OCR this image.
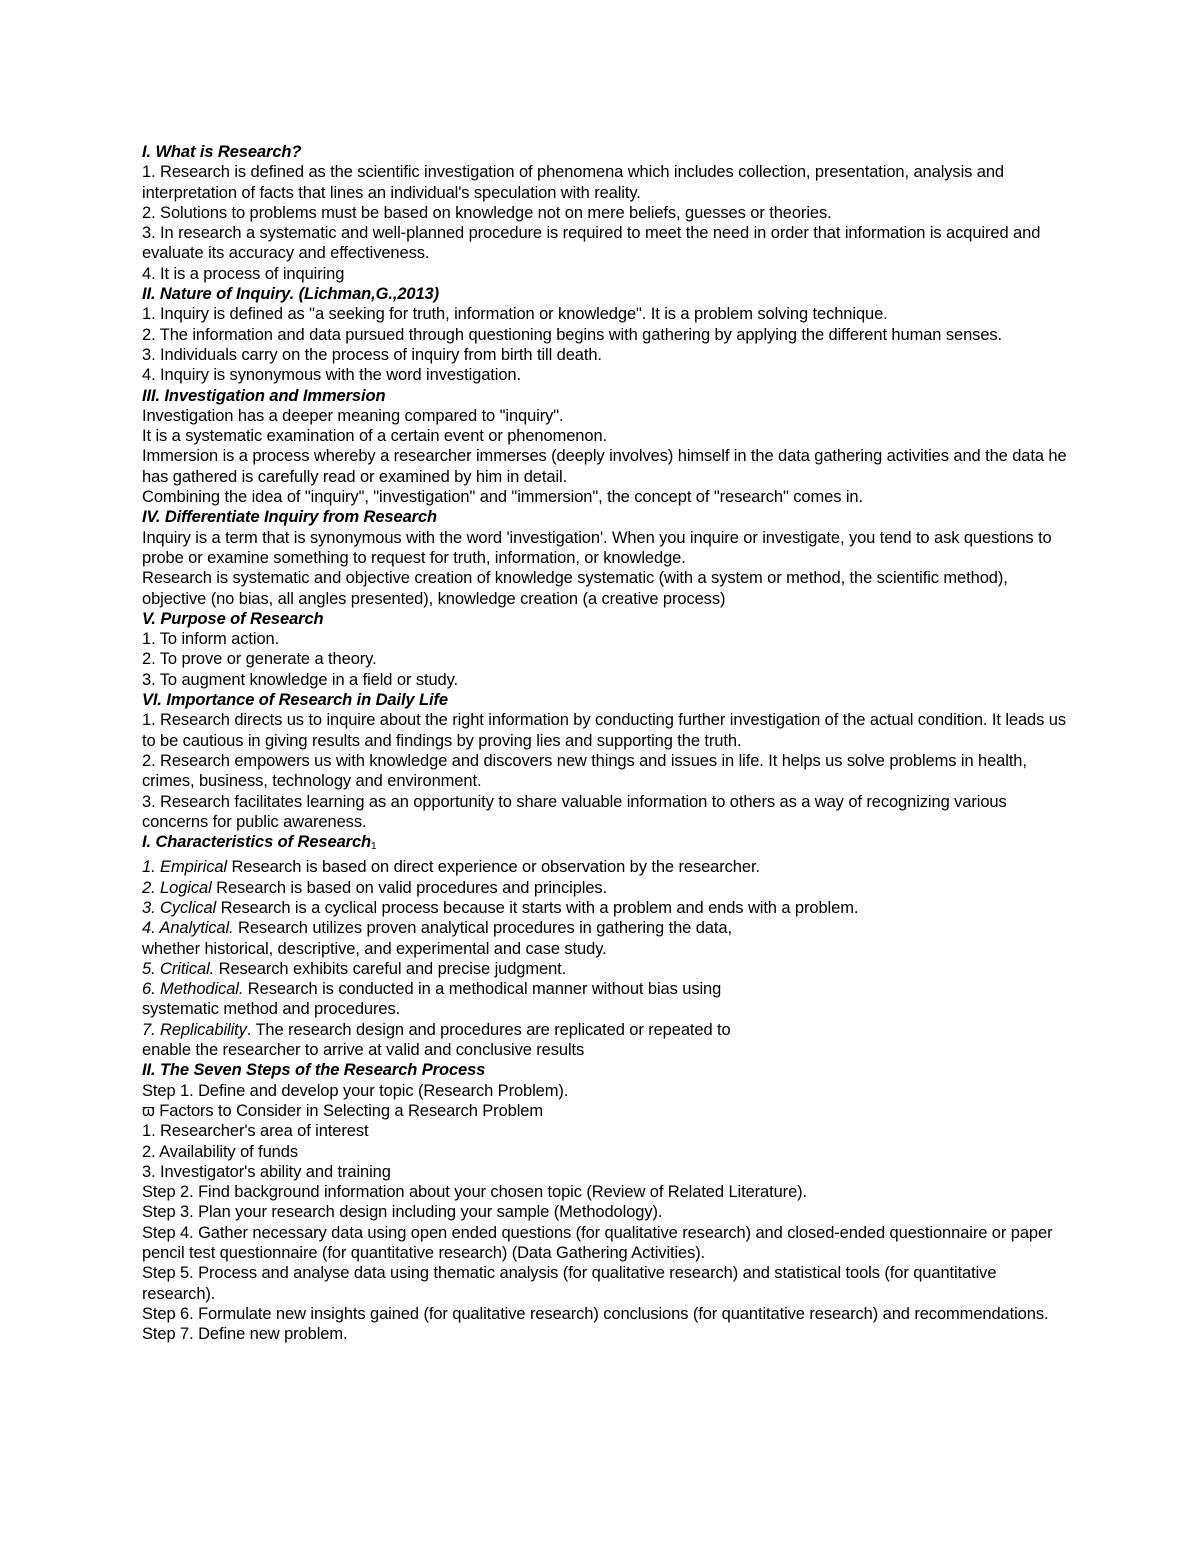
I. What is Research?
1. Research is defined as the scientific investigation of phenomena which includes collection, presentation, analysis and interpretation of facts that lines an individual's speculation with reality.
2. Solutions to problems must be based on knowledge not on mere beliefs, guesses or theories.
3. In research a systematic and well-planned procedure is required to meet the need in order that information is acquired and evaluate its accuracy and effectiveness.
4. It is a process of inquiring
II. Nature of Inquiry. (Lichman,G.,2013)
1. Inquiry is defined as "a seeking for truth, information or knowledge". It is a problem solving technique.
2. The information and data pursued through questioning begins with gathering by applying the different human senses.
3. Individuals carry on the process of inquiry from birth till death.
4. Inquiry is synonymous with the word investigation.
III. Investigation and Immersion
Investigation has a deeper meaning compared to "inquiry".
It is a systematic examination of a certain event or phenomenon.
Immersion is a process whereby a researcher immerses (deeply involves) himself in the data gathering activities and the data he has gathered is carefully read or examined by him in detail.
Combining the idea of "inquiry", "investigation" and "immersion", the concept of "research" comes in.
IV. Differentiate Inquiry from Research
Inquiry is a term that is synonymous with the word 'investigation'. When you inquire or investigate, you tend to ask questions to probe or examine something to request for truth, information, or knowledge.
Research is systematic and objective creation of knowledge systematic (with a system or method, the scientific method), objective (no bias, all angles presented), knowledge creation (a creative process)
V. Purpose of Research
1. To inform action.
2. To prove or generate a theory.
3. To augment knowledge in a field or study.
VI. Importance of Research in Daily Life
1. Research directs us to inquire about the right information by conducting further investigation of the actual condition. It leads us to be cautious in giving results and findings by proving lies and supporting the truth.
2. Research empowers us with knowledge and discovers new things and issues in life. It helps us solve problems in health, crimes, business, technology and environment.
3. Research facilitates learning as an opportunity to share valuable information to others as a way of recognizing various concerns for public awareness.
I. Characteristics of Research$_1$
1. Empirical Research is based on direct experience or observation by the researcher.
2. Logical Research is based on valid procedures and principles.
3. Cyclical Research is a cyclical process because it starts with a problem and ends with a problem.
4. Analytical. Research utilizes proven analytical procedures in gathering the data,
whether historical, descriptive, and experimental and case study.
5. Critical. Research exhibits careful and precise judgment.
6. Methodical. Research is conducted in a methodical manner without bias using
systematic method and procedures.
7. Replicability. The research design and procedures are replicated or repeated to
enable the researcher to arrive at valid and conclusive results
II. The Seven Steps of the Research Process
Step 1. Define and develop your topic (Research Problem).
ϖ Factors to Consider in Selecting a Research Problem
1. Researcher's area of interest
2. Availability of funds
3. Investigator's ability and training
Step 2. Find background information about your chosen topic (Review of Related Literature).
Step 3. Plan your research design including your sample (Methodology).
Step 4. Gather necessary data using open ended questions (for qualitative research) and closed-ended questionnaire or paper pencil test questionnaire (for quantitative research) (Data Gathering Activities).
Step 5. Process and analyse data using thematic analysis (for qualitative research) and statistical tools (for quantitative research).
Step 6. Formulate new insights gained (for qualitative research) conclusions (for quantitative research) and recommendations.
Step 7. Define new problem.
